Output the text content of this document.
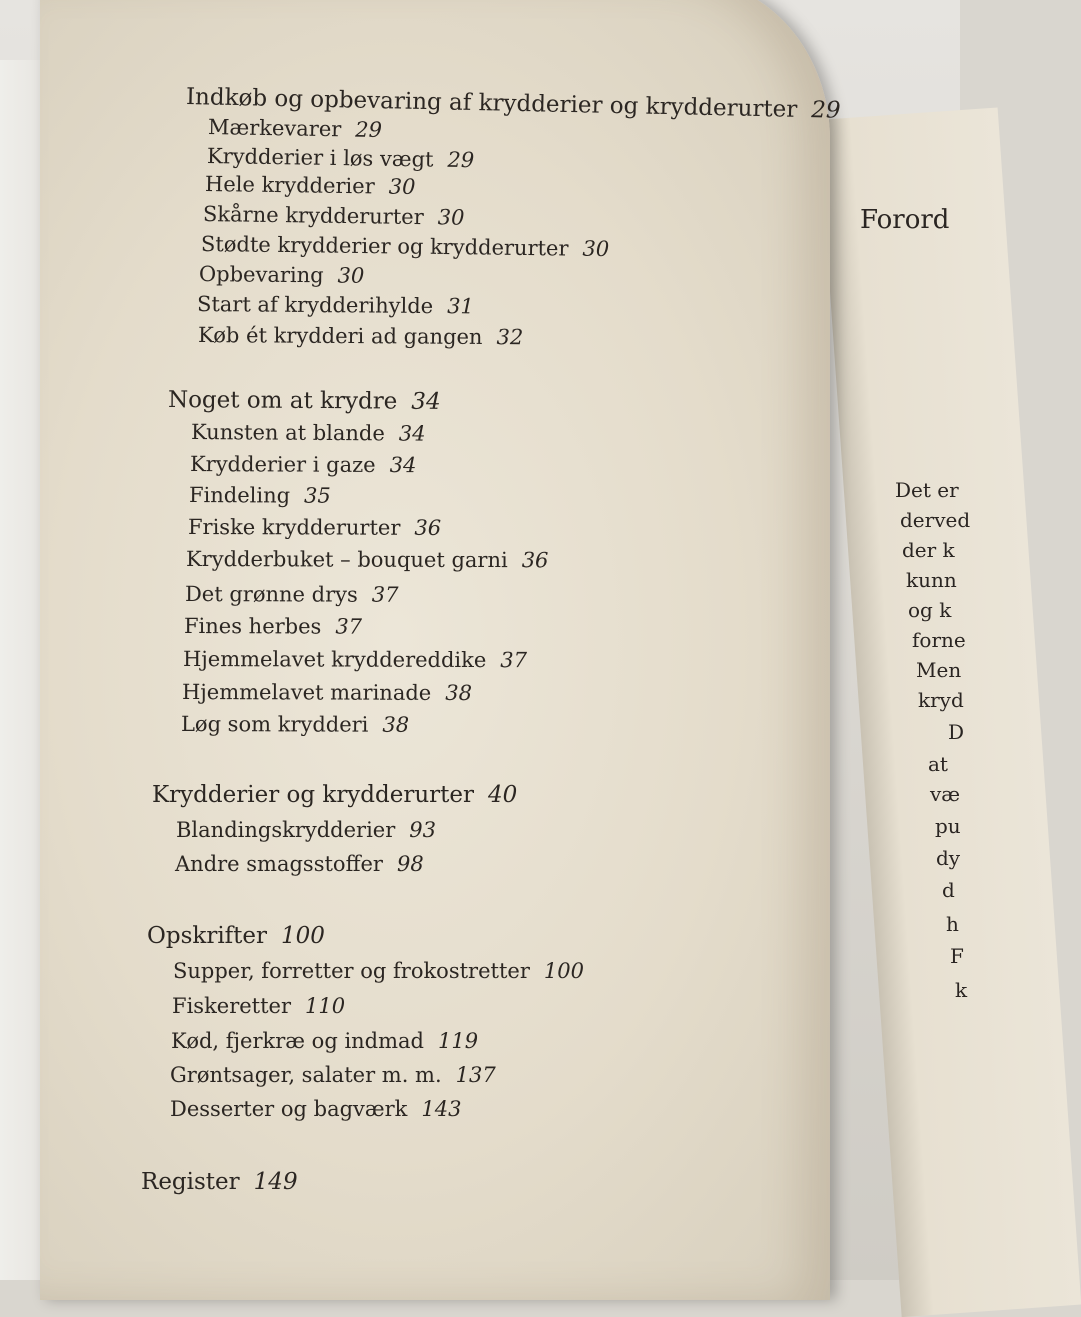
Indkøb og opbevaring af krydderier og krydderurter 29
Mærkevarer 29
Krydderier i løs vægt 29
Hele krydderier 30
Skårne krydderurter 30
Stødte krydderier og krydderurter 30
Opbevaring 30
Start af krydderihylde 31
Køb ét krydderi ad gangen 32
Noget om at krydre 34
Kunsten at blande 34
Krydderier i gaze 34
Findeling 35
Friske krydderurter 36
Krydderbuket – bouquet garni 36
Det grønne drys 37
Fines herbes 37
Hjemmelavet kryddereddike 37
Hjemmelavet marinade 38
Løg som krydderi 38
Krydderier og krydderurter 40
Blandingskrydderier 93
Andre smagsstoffer 98
Opskrifter 100
Supper, forretter og frokostretter 100
Fiskeretter 110
Kød, fjerkræ og indmad 119
Grøntsager, salater m. m. 137
Desserter og bagværk 143
Register 149
Forord
Det er
derved
der k
kunn
og k
forne
Men
kryd
D
at
væ
pu
dy
d
h
F
k
